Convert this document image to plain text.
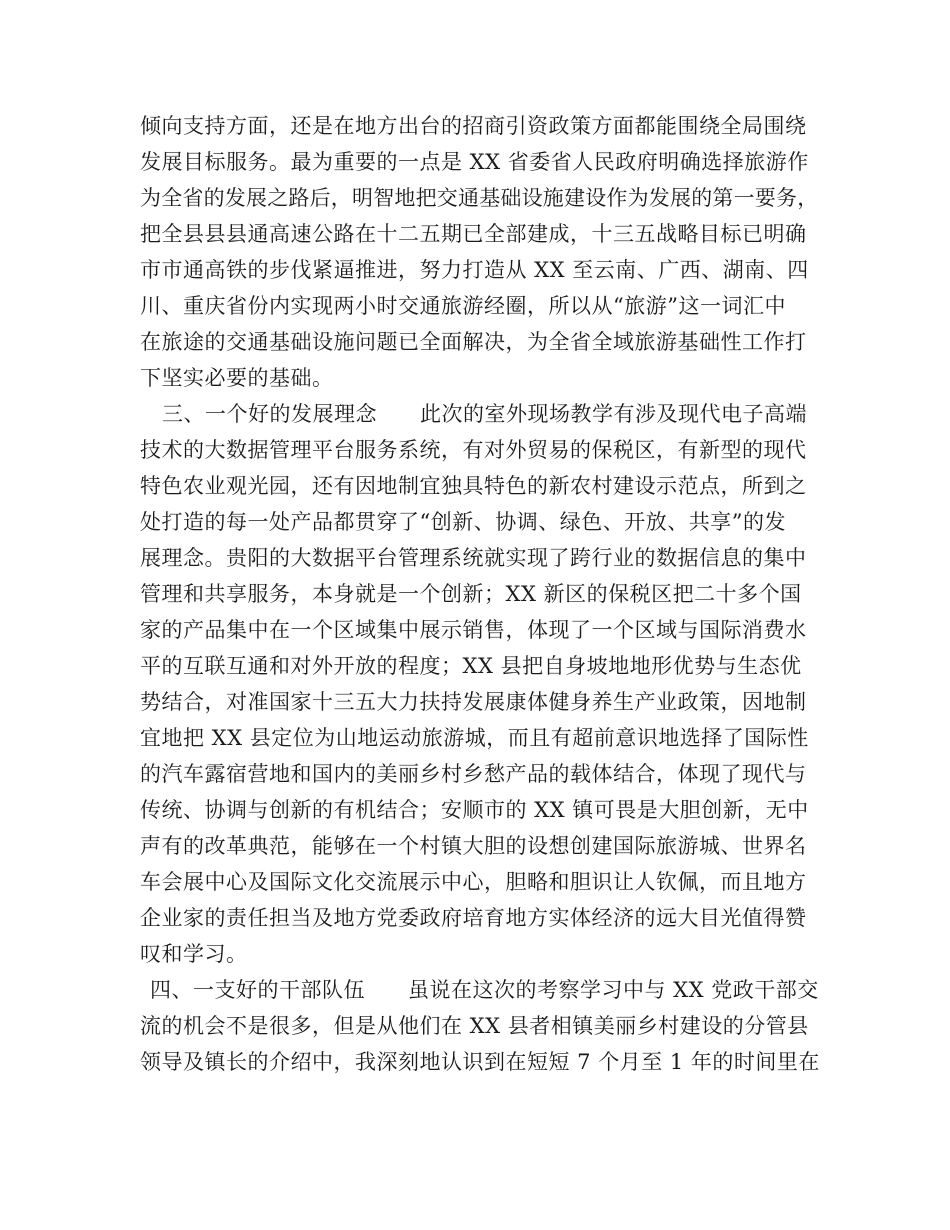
倾向支持方面，还是在地方出台的招商引资政策方面都能围绕全局围绕
发展目标服务。最为重要的一点是 XX 省委省人民政府明确选择旅游作
为全省的发展之路后，明智地把交通基础设施建设作为发展的第一要务，
把全县县县通高速公路在十二五期已全部建成，十三五战略目标已明确
市市通高铁的步伐紧逼推进，努力打造从 XX 至云南、广西、湖南、四
川、重庆省份内实现两小时交通旅游经圈，所以从“旅游”这一词汇中
在旅途的交通基础设施问题已全面解决，为全省全域旅游基础性工作打
下坚实必要的基础。
三、一个好的发展理念　　此次的室外现场教学有涉及现代电子高端
技术的大数据管理平台服务系统，有对外贸易的保税区，有新型的现代
特色农业观光园，还有因地制宜独具特色的新农村建设示范点，所到之
处打造的每一处产品都贯穿了“创新、协调、绿色、开放、共享”的发
展理念。贵阳的大数据平台管理系统就实现了跨行业的数据信息的集中
管理和共享服务，本身就是一个创新；XX 新区的保税区把二十多个国
家的产品集中在一个区域集中展示销售，体现了一个区域与国际消费水
平的互联互通和对外开放的程度；XX 县把自身坡地地形优势与生态优
势结合，对准国家十三五大力扶持发展康体健身养生产业政策，因地制
宜地把 XX 县定位为山地运动旅游城，而且有超前意识地选择了国际性
的汽车露宿营地和国内的美丽乡村乡愁产品的载体结合，体现了现代与
传统、协调与创新的有机结合；安顺市的 XX 镇可畏是大胆创新，无中
声有的改革典范，能够在一个村镇大胆的设想创建国际旅游城、世界名
车会展中心及国际文化交流展示中心，胆略和胆识让人钦佩，而且地方
企业家的责任担当及地方党委政府培育地方实体经济的远大目光值得赞
叹和学习。
四、一支好的干部队伍　　虽说在这次的考察学习中与 XX 党政干部交
流的机会不是很多，但是从他们在 XX 县者相镇美丽乡村建设的分管县
领导及镇长的介绍中，我深刻地认识到在短短 7 个月至 1 年的时间里在
